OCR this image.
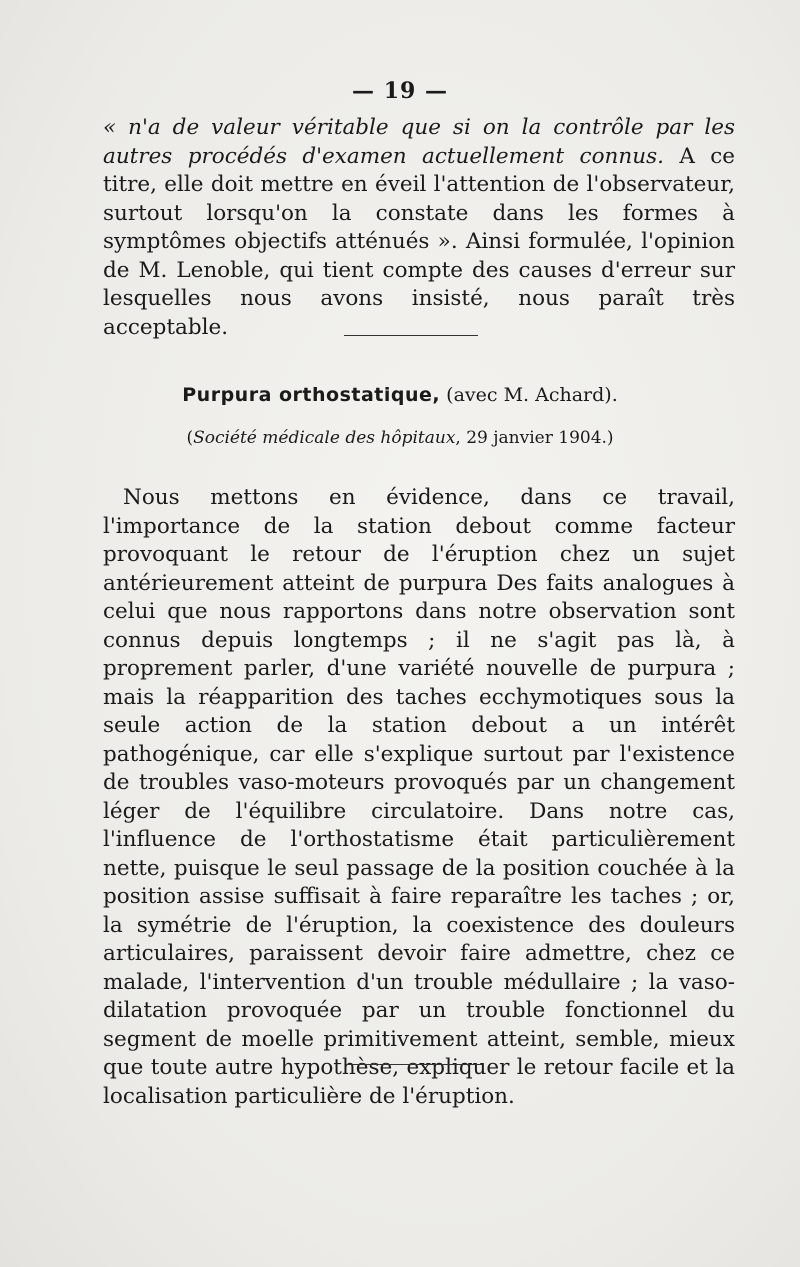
— 19 —
« n'a de valeur véritable que si on la contrôle par les autres procédés d'examen actuellement connus. A ce titre, elle doit mettre en éveil l'attention de l'observateur, surtout lorsqu'on la constate dans les formes à symptômes objectifs atténués ». Ainsi formulée, l'opinion de M. Lenoble, qui tient compte des causes d'erreur sur lesquelles nous avons insisté, nous paraît très acceptable.
Purpura orthostatique, (avec M. Achard).
(Société médicale des hôpitaux, 29 janvier 1904.)
Nous mettons en évidence, dans ce travail, l'importance de la station debout comme facteur provoquant le retour de l'éruption chez un sujet antérieurement atteint de purpura Des faits analogues à celui que nous rapportons dans notre observation sont connus depuis longtemps ; il ne s'agit pas là, à proprement parler, d'une variété nouvelle de purpura ; mais la réapparition des taches ecchymotiques sous la seule action de la station debout a un intérêt pathogénique, car elle s'explique surtout par l'existence de troubles vaso-moteurs provoqués par un changement léger de l'équilibre circulatoire. Dans notre cas, l'influence de l'orthostatisme était particulièrement nette, puisque le seul passage de la position couchée à la position assise suffisait à faire reparaître les taches ; or, la symétrie de l'éruption, la coexistence des douleurs articulaires, paraissent devoir faire admettre, chez ce malade, l'intervention d'un trouble médullaire ; la vaso-dilatation provoquée par un trouble fonctionnel du segment de moelle primitivement atteint, semble, mieux que toute autre hypothèse, expliquer le retour facile et la localisation particulière de l'éruption.
